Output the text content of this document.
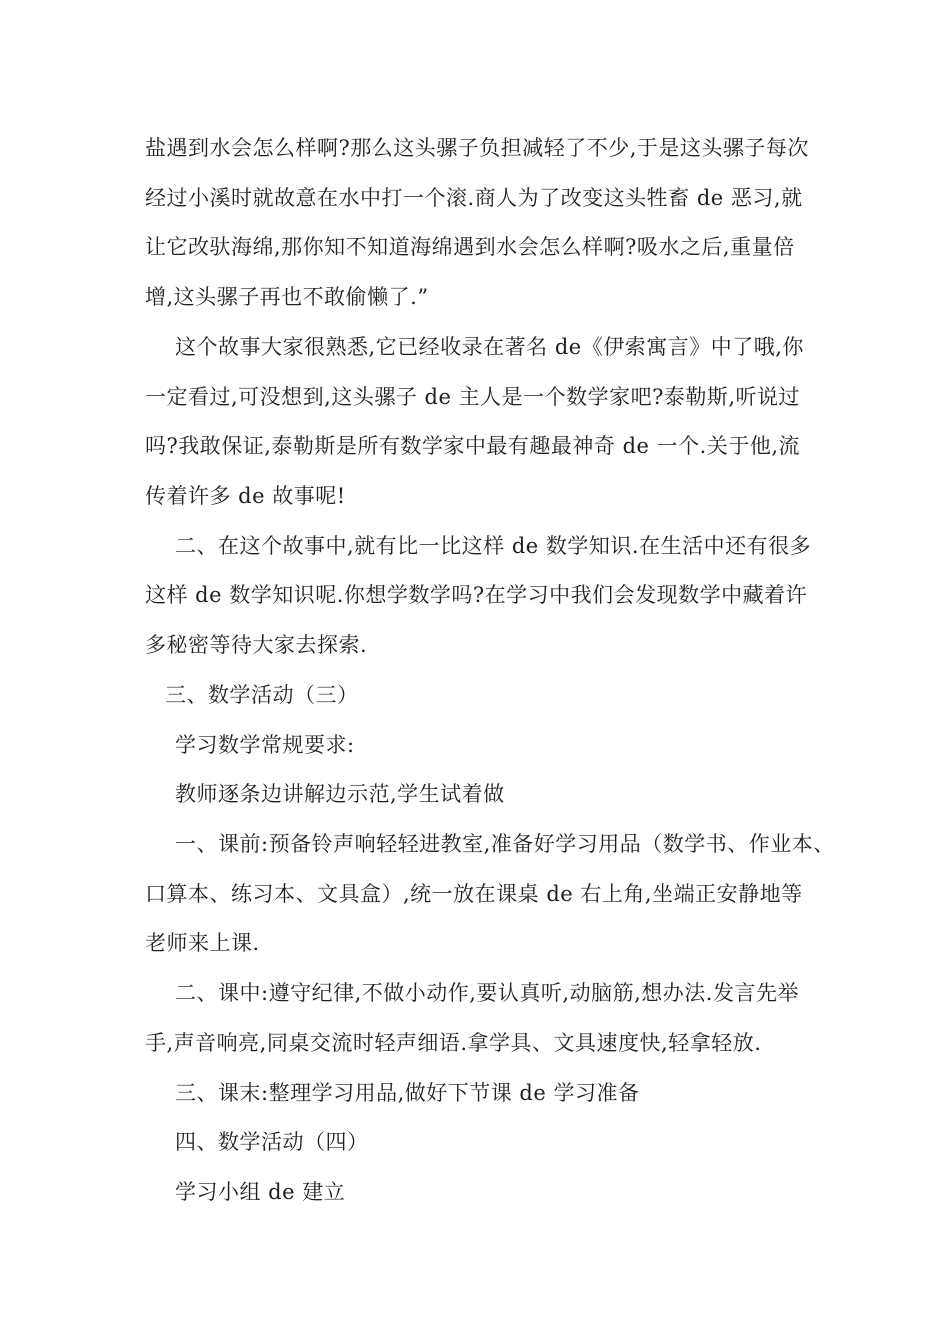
盐遇到水会怎么样啊?那么这头骡子负担减轻了不少,于是这头骡子每次
经过小溪时就故意在水中打一个滚.商人为了改变这头牲畜 de 恶习,就
让它改驮海绵,那你知不知道海绵遇到水会怎么样啊?吸水之后,重量倍
增,这头骡子再也不敢偷懒了.”
这个故事大家很熟悉,它已经收录在著名 de《伊索寓言》中了哦,你
一定看过,可没想到,这头骡子 de 主人是一个数学家吧?泰勒斯,听说过
吗?我敢保证,泰勒斯是所有数学家中最有趣最神奇 de 一个.关于他,流
传着许多 de 故事呢!
二、在这个故事中,就有比一比这样 de 数学知识.在生活中还有很多
这样 de 数学知识呢.你想学数学吗?在学习中我们会发现数学中藏着许
多秘密等待大家去探索.
三、数学活动（三）
学习数学常规要求:
教师逐条边讲解边示范,学生试着做
一、课前:预备铃声响轻轻进教室,准备好学习用品（数学书、作业本、
口算本、练习本、文具盒）,统一放在课桌 de 右上角,坐端正安静地等
老师来上课.
二、课中:遵守纪律,不做小动作,要认真听,动脑筋,想办法.发言先举
手,声音响亮,同桌交流时轻声细语.拿学具、文具速度快,轻拿轻放.
三、课末:整理学习用品,做好下节课 de 学习准备
四、数学活动（四）
学习小组 de 建立
